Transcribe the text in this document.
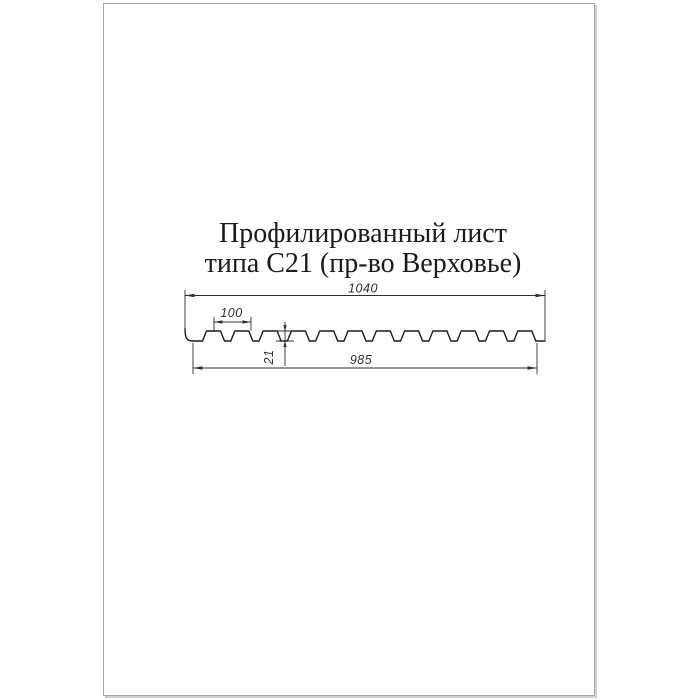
Профилированный лист
типа С21 (пр-во Верховье)
1040
100
21	985
